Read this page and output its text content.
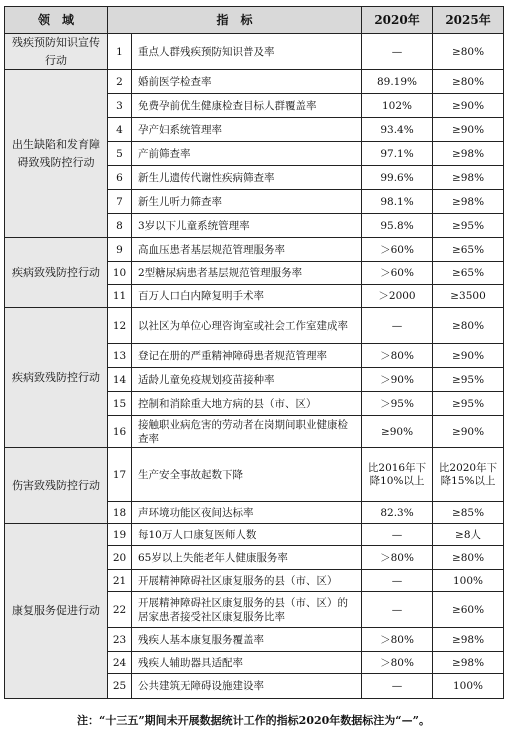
领　域	指　标		2020年	2025年
残疾预防知识宣传行动	1	重点人群残疾预防知识普及率	—	≥80%
出生缺陷和发育障碍致残防控行动	2	婚前医学检查率	89.19%	≥80%
	3	免费孕前优生健康检查目标人群覆盖率	102%	≥90%
	4	孕产妇系统管理率	93.4%	≥90%
	5	产前筛查率	97.1%	≥98%
	6	新生儿遗传代谢性疾病筛查率	99.6%	≥98%
	7	新生儿听力筛查率	98.1%	≥98%
	8	3岁以下儿童系统管理率	95.8%	≥95%
疾病致残防控行动	9	高血压患者基层规范管理服务率	＞60%	≥65%
	10	2型糖尿病患者基层规范管理服务率	＞60%	≥65%
	11	百万人口白内障复明手术率	＞2000	≥3500
疾病致残防控行动	12	以社区为单位心理咨询室或社会工作室建成率	—	≥80%
	13	登记在册的严重精神障碍患者规范管理率	＞80%	≥90%
	14	适龄儿童免疫规划疫苗接种率	＞90%	≥95%
	15	控制和消除重大地方病的县（市、区）	＞95%	≥95%
	16	接触职业病危害的劳动者在岗期间职业健康检查率	≥90%	≥90%
伤害致残防控行动	17	生产安全事故起数下降	比2016年下降10%以上	比2020年下降15%以上
	18	声环境功能区夜间达标率	82.3%	≥85%
康复服务促进行动	19	每10万人口康复医师人数	—	≥8人
	20	65岁以上失能老年人健康服务率	＞80%	≥80%
	21	开展精神障碍社区康复服务的县（市、区）	—	100%
	22	开展精神障碍社区康复服务的县（市、区）的居家患者接受社区康复服务比率	—	≥60%
	23	残疾人基本康复服务覆盖率	＞80%	≥98%
	24	残疾人辅助器具适配率	＞80%	≥98%
	25	公共建筑无障碍设施建设率	—	100%
注：“十三五”期间未开展数据统计工作的指标2020年数据标注为“—”。
